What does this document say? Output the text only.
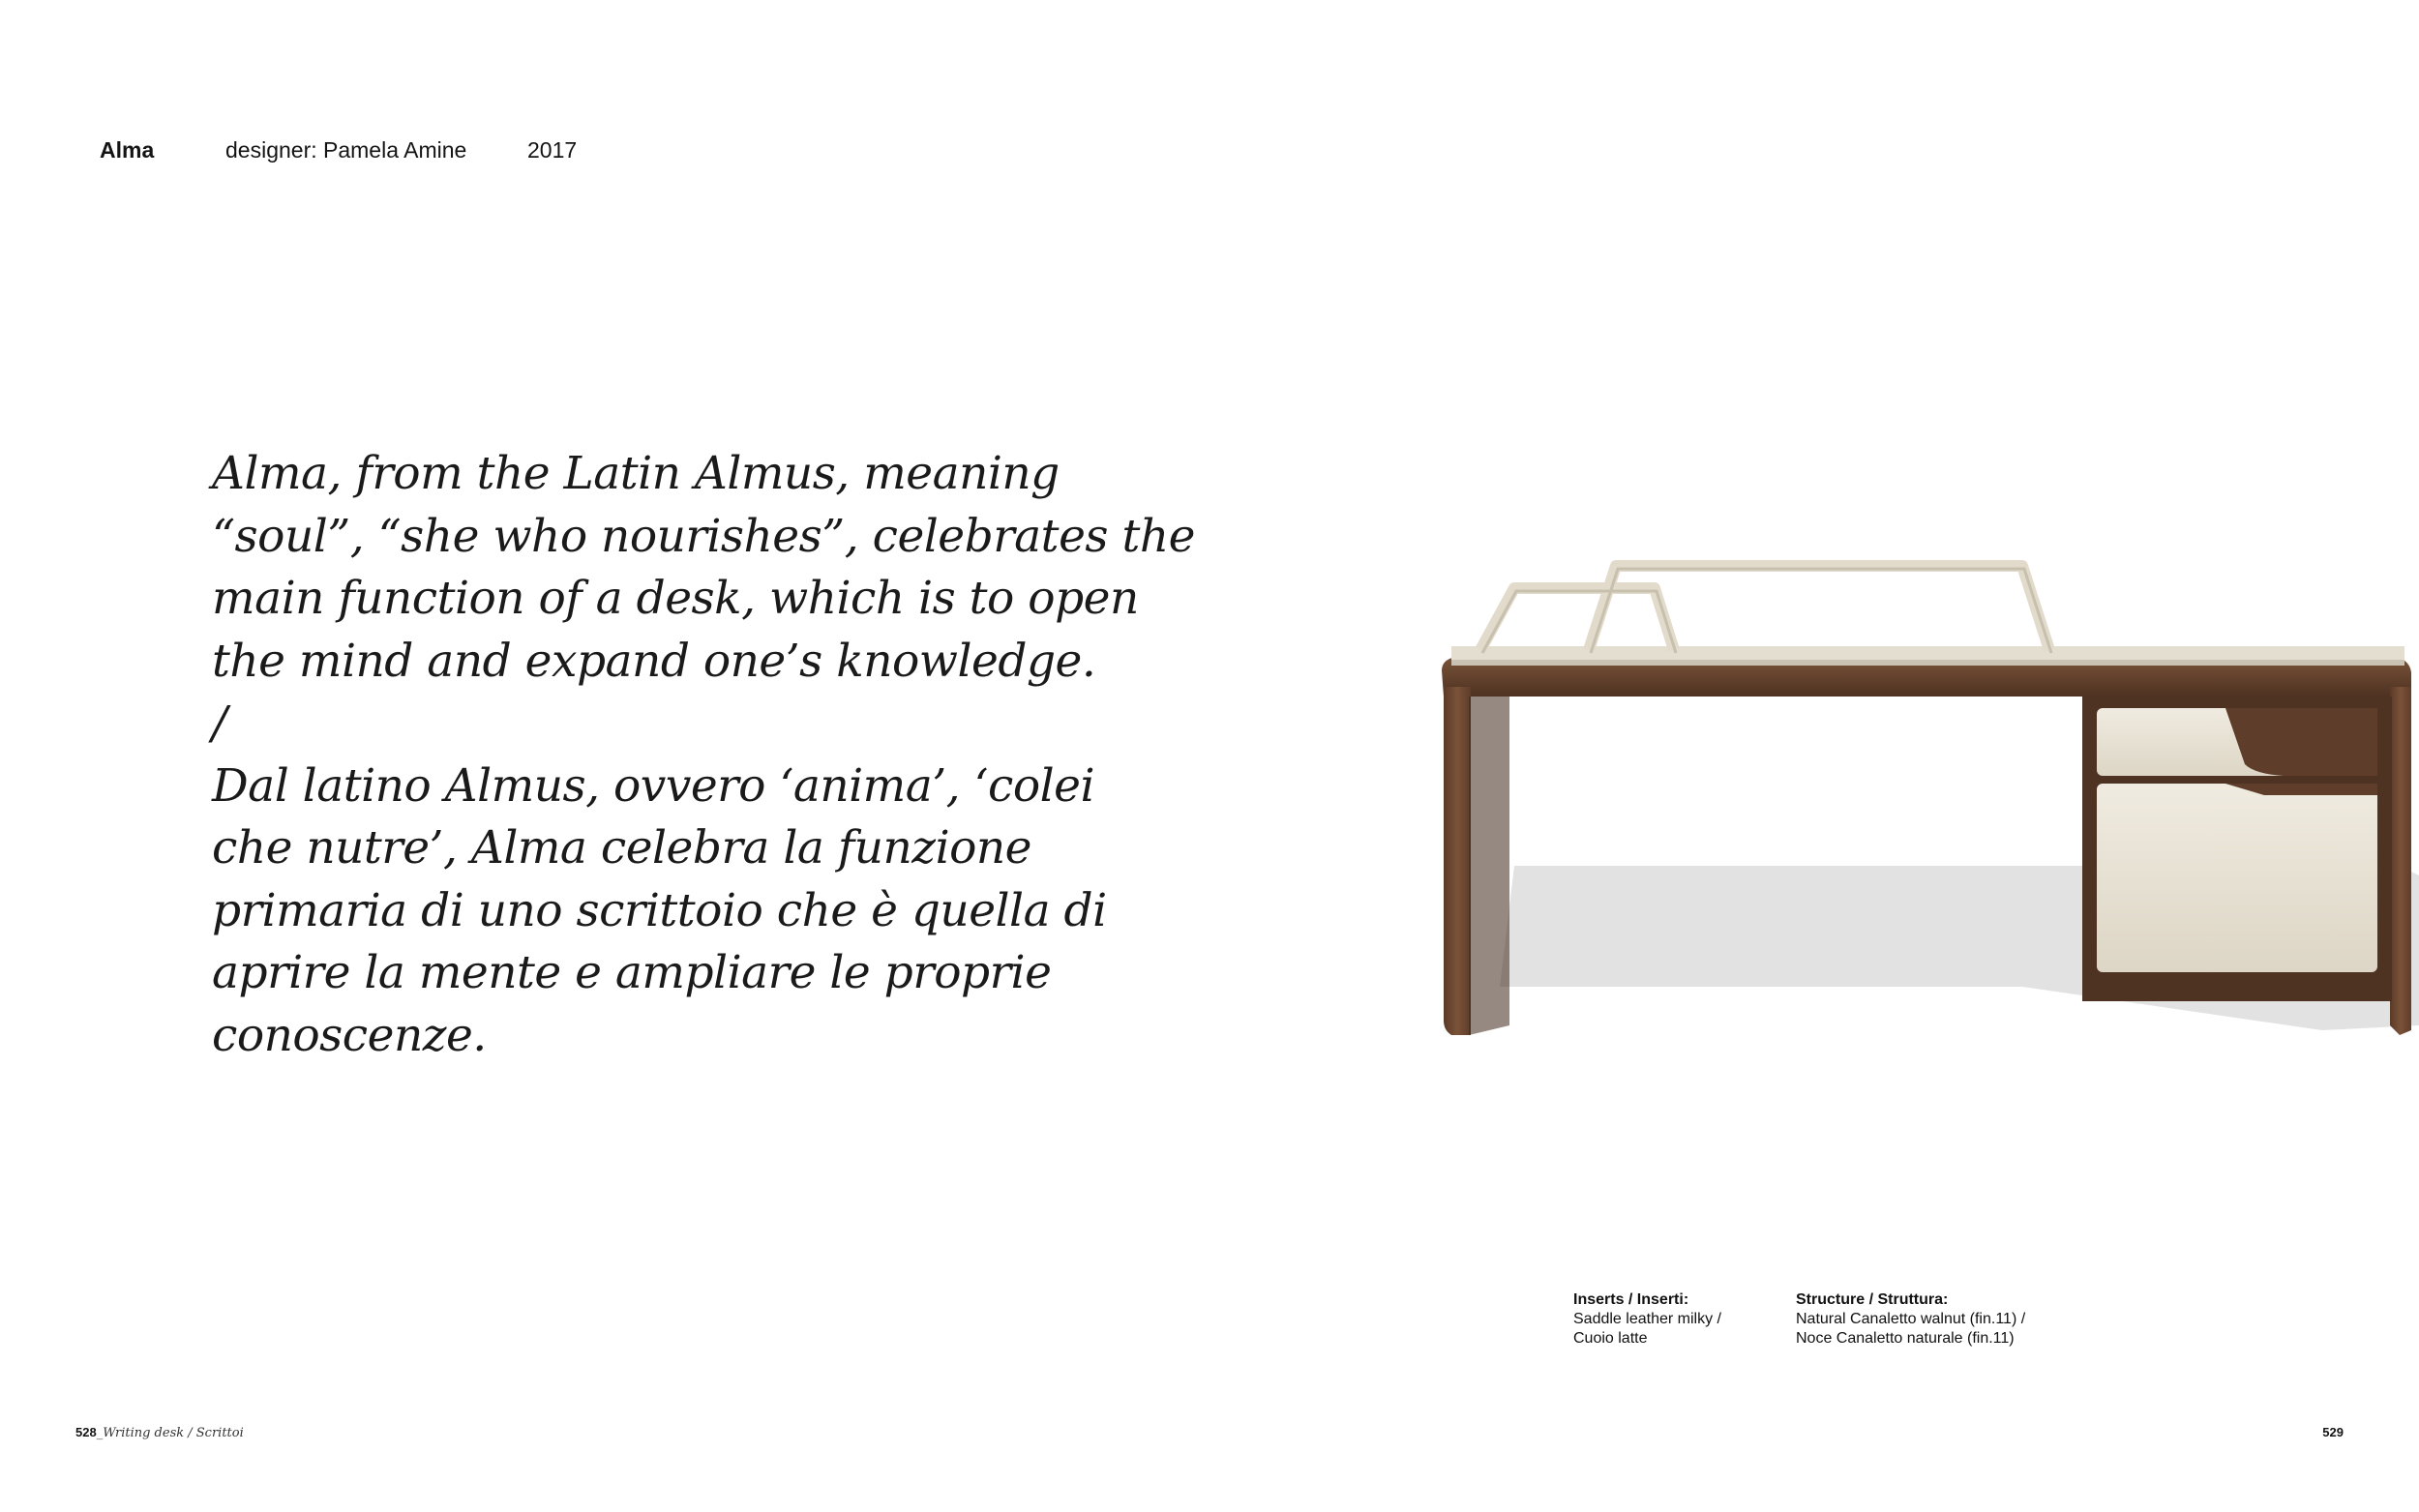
Alma	designer: Pamela Amine	2017
Alma, from the Latin Almus, meaning
“soul”, “she who nourishes”, celebrates the
main function of a desk, which is to open
the mind and expand one’s knowledge.
/
Dal latino Almus, ovvero ‘anima’, ‘colei
che nutre’, Alma celebra la funzione
primaria di uno scrittoio che è quella di
aprire la mente e ampliare le proprie
conoscenze.
Inserts / Inserti:
Saddle leather milky /
Cuoio latte
Structure / Struttura:
Natural Canaletto walnut (fin.11) /
Noce Canaletto naturale (fin.11)
528_Writing desk / Scrittoi	529
